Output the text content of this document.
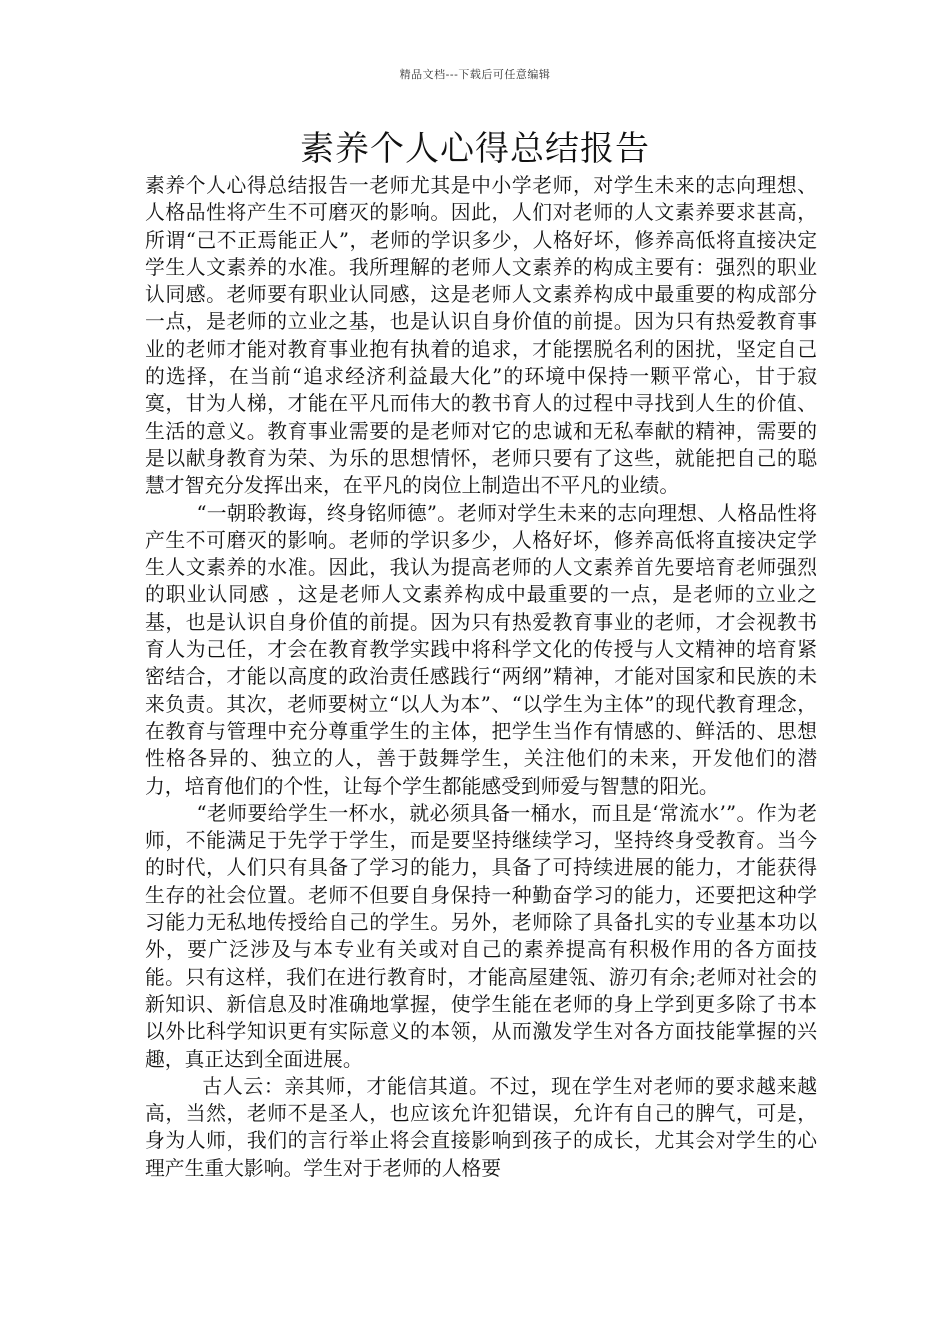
精品文档---下载后可任意编辑
素养个人心得总结报告

素养个人心得总结报告一老师尤其是中小学老师，对学生未来的志向理想、人格品性将产生不可磨灭的影响。因此，人们对老师的人文素养要求甚高，所谓“己不正焉能正人”，老师的学识多少，人格好坏，修养高低将直接决定学生人文素养的水准。我所理解的老师人文素养的构成主要有：强烈的职业认同感。老师要有职业认同感，这是老师人文素养构成中最重要的构成部分一点，是老师的立业之基，也是认识自身价值的前提。因为只有热爱教育事业的老师才能对教育事业抱有执着的追求，才能摆脱名利的困扰，坚定自己的选择，在当前“追求经济利益最大化”的环境中保持一颗平常心，甘于寂寞，甘为人梯，才能在平凡而伟大的教书育人的过程中寻找到人生的价值、生活的意义。教育事业需要的是老师对它的忠诚和无私奉献的精神，需要的是以献身教育为荣、为乐的思想情怀，老师只要有了这些，就能把自己的聪慧才智充分发挥出来，在平凡的岗位上制造出不平凡的业绩。

“一朝聆教诲，终身铭师德”。老师对学生未来的志向理想、人格品性将产生不可磨灭的影响。老师的学识多少，人格好坏，修养高低将直接决定学生人文素养的水准。因此，我认为提高老师的人文素养首先要培育老师强烈的职业认同感 ，这是老师人文素养构成中最重要的一点，是老师的立业之基，也是认识自身价值的前提。因为只有热爱教育事业的老师，才会视教书育人为己任，才会在教育教学实践中将科学文化的传授与人文精神的培育紧密结合，才能以高度的政治责任感践行“两纲”精神，才能对国家和民族的未来负责。其次，老师要树立“以人为本”、“以学生为主体”的现代教育理念，在教育与管理中充分尊重学生的主体，把学生当作有情感的、鲜活的、思想性格各异的、独立的人，善于鼓舞学生，关注他们的未来，开发他们的潜力，培育他们的个性，让每个学生都能感受到师爱与智慧的阳光。

“老师要给学生一杯水，就必须具备一桶水，而且是‘常流水’”。作为老师，不能满足于先学于学生，而是要坚持继续学习，坚持终身受教育。当今的时代，人们只有具备了学习的能力，具备了可持续进展的能力，才能获得生存的社会位置。老师不但要自身保持一种勤奋学习的能力，还要把这种学习能力无私地传授给自己的学生。另外，老师除了具备扎实的专业基本功以外，要广泛涉及与本专业有关或对自己的素养提高有积极作用的各方面技能。只有这样，我们在进行教育时，才能高屋建瓴、游刃有余;老师对社会的新知识、新信息及时准确地掌握，使学生能在老师的身上学到更多除了书本以外比科学知识更有实际意义的本领，从而激发学生对各方面技能掌握的兴趣，真正达到全面进展。

古人云：亲其师，才能信其道。不过，现在学生对老师的要求越来越高，当然，老师不是圣人，也应该允许犯错误，允许有自己的脾气，可是，身为人师，我们的言行举止将会直接影响到孩子的成长，尤其会对学生的心理产生重大影响。学生对于老师的人格要
